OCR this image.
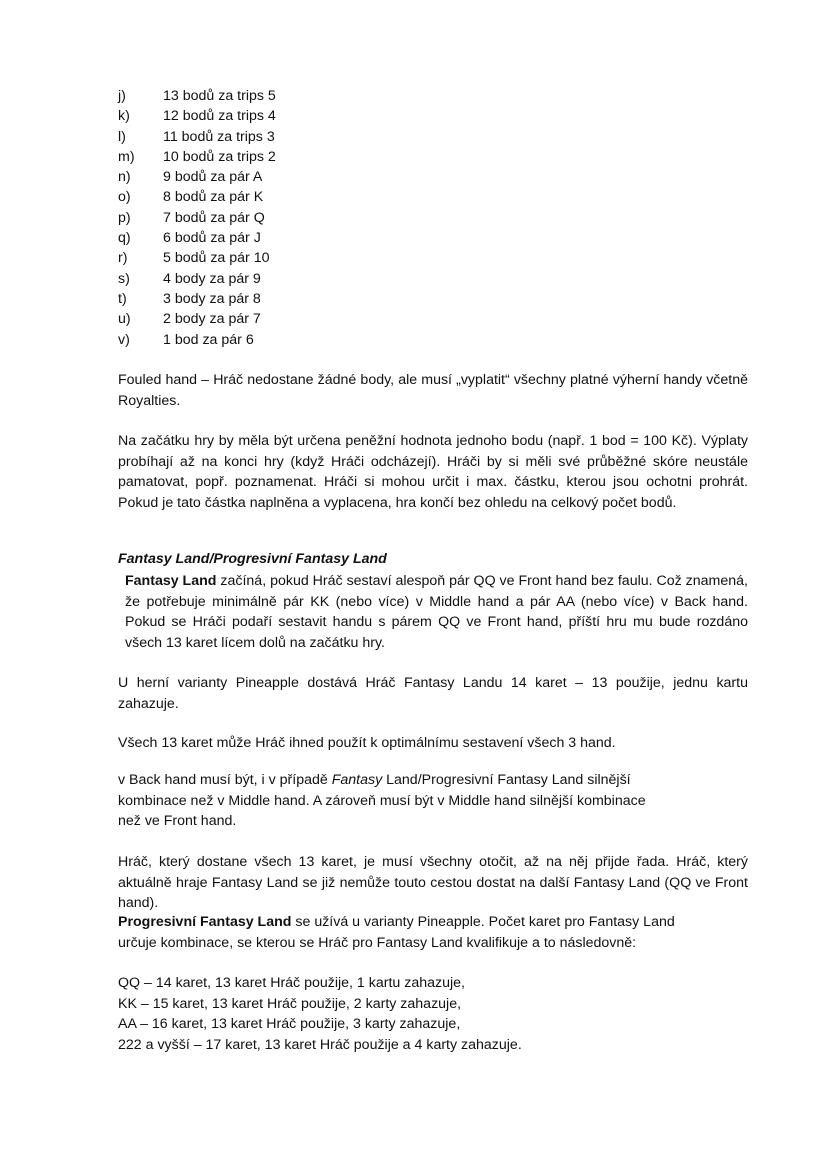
j)	13 bodů za trips 5
k)	12 bodů za trips 4
l)	11 bodů za trips 3
m)	10 bodů za trips 2
n)	9 bodů za pár A
o)	8 bodů za pár K
p)	7 bodů za pár Q
q)	6 bodů za pár J
r)	5 bodů za pár 10
s)	4 body za pár 9
t)	3 body za pár 8
u)	2 body za pár 7
v)	1 bod za pár 6

Fouled hand – Hráč nedostane žádné body, ale musí „vyplatit“ všechny platné výherní handy včetně Royalties.

Na začátku hry by měla být určena peněžní hodnota jednoho bodu (např. 1 bod = 100 Kč). Výplaty probíhají až na konci hry (když Hráči odcházejí). Hráči by si měli své průběžné skóre neustále pamatovat, popř. poznamenat. Hráči si mohou určit i max. částku, kterou jsou ochotni prohrát. Pokud je tato částka naplněna a vyplacena, hra končí bez ohledu na celkový počet bodů.

Fantasy Land/Progresivní Fantasy Land

Fantasy Land začíná, pokud Hráč sestaví alespoň pár QQ ve Front hand bez faulu. Což znamená, že potřebuje minimálně pár KK (nebo více) v Middle hand a pár AA (nebo více) v Back hand. Pokud se Hráči podaří sestavit handu s párem QQ ve Front hand, příští hru mu bude rozdáno všech 13 karet lícem dolů na začátku hry.

U herní varianty Pineapple dostává Hráč Fantasy Landu 14 karet – 13 použije, jednu kartu zahazuje.

Všech 13 karet může Hráč ihned použít k optimálnímu sestavení všech 3 hand.

v Back hand musí být, i v případě Fantasy Land/Progresivní Fantasy Land silnější
kombinace než v Middle hand. A zároveň musí být v Middle hand silnější kombinace
než ve Front hand.

Hráč, který dostane všech 13 karet, je musí všechny otočit, až na něj přijde řada. Hráč, který aktuálně hraje Fantasy Land se již nemůže touto cestou dostat na další Fantasy Land (QQ ve Front hand).

Progresivní Fantasy Land se užívá u varianty Pineapple. Počet karet pro Fantasy Land
určuje kombinace, se kterou se Hráč pro Fantasy Land kvalifikuje a to následovně:
QQ – 14 karet, 13 karet Hráč použije, 1 kartu zahazuje,
KK – 15 karet, 13 karet Hráč použije, 2 karty zahazuje,
AA – 16 karet, 13 karet Hráč použije, 3 karty zahazuje,
222 a vyšší – 17 karet, 13 karet Hráč použije a 4 karty zahazuje.
